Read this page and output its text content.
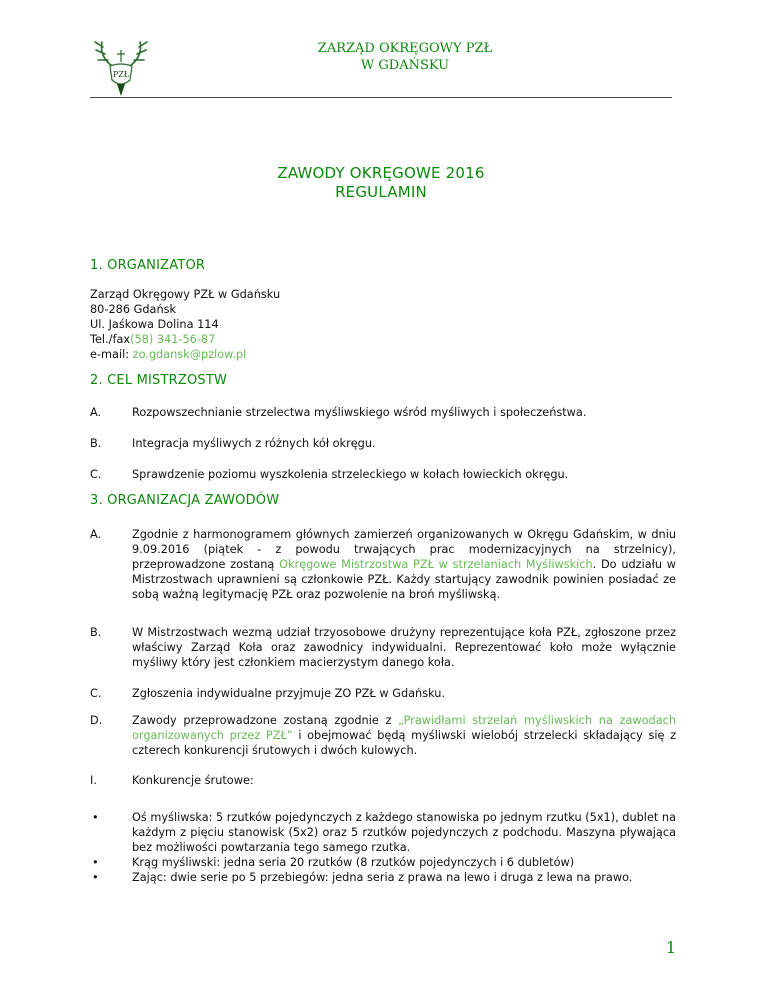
PZŁ
ZARZĄD OKRĘGOWY PZŁ
W GDAŃSKU
ZAWODY OKRĘGOWE 2016
REGULAMIN
1. ORGANIZATOR
Zarząd Okręgowy PZŁ w Gdańsku
80-286 Gdańsk
Ul. Jaśkowa Dolina 114
Tel./fax(58) 341-56-87
e-mail: zo.gdansk@pzlow.pl
2. CEL MISTRZOSTW
A.	Rozpowszechnianie strzelectwa myśliwskiego wśród myśliwych i społeczeństwa.
B.	Integracja myśliwych z różnych kół okręgu.
C.	Sprawdzenie poziomu wyszkolenia strzeleckiego w kołach łowieckich okręgu.
3. ORGANIZACJA ZAWODÓW
A.	Zgodnie z harmonogramem głównych zamierzeń organizowanych w Okręgu Gdańskim, w dniu 9.09.2016 (piątek - z powodu trwających prac modernizacyjnych na strzelnicy), przeprowadzone zostaną Okręgowe Mistrzostwa PZŁ w strzelaniach Myśliwskich. Do udziału w Mistrzostwach uprawnieni są członkowie PZŁ. Każdy startujący zawodnik powinien posiadać ze sobą ważną legitymację PZŁ oraz pozwolenie na broń myśliwską.
B.	W Mistrzostwach wezmą udział trzyosobowe drużyny reprezentujące koła PZŁ, zgłoszone przez właściwy Zarząd Koła oraz zawodnicy indywidualni. Reprezentować koło może wyłącznie myśliwy który jest członkiem macierzystym danego koła.
C.	Zgłoszenia indywidualne przyjmuje ZO PZŁ w Gdańsku.
D.	Zawody przeprowadzone zostaną zgodnie z „Prawidłami strzelań myśliwskich na zawodach organizowanych przez PZŁ” i obejmować będą myśliwski wielobój strzelecki składający się z czterech konkurencji śrutowych i dwóch kulowych.
I.	Konkurencje śrutowe:
•	Oś myśliwska: 5 rzutków pojedynczych z każdego stanowiska po jednym rzutku (5x1), dublet na każdym z pięciu stanowisk (5x2) oraz 5 rzutków pojedynczych z podchodu. Maszyna pływająca bez możliwości powtarzania tego samego rzutka.
•	Krąg myśliwski: jedna seria 20 rzutków (8 rzutków pojedynczych i 6 dubletów)
•	Zając: dwie serie po 5 przebiegów: jedna seria z prawa na lewo i druga z lewa na prawo.
1
